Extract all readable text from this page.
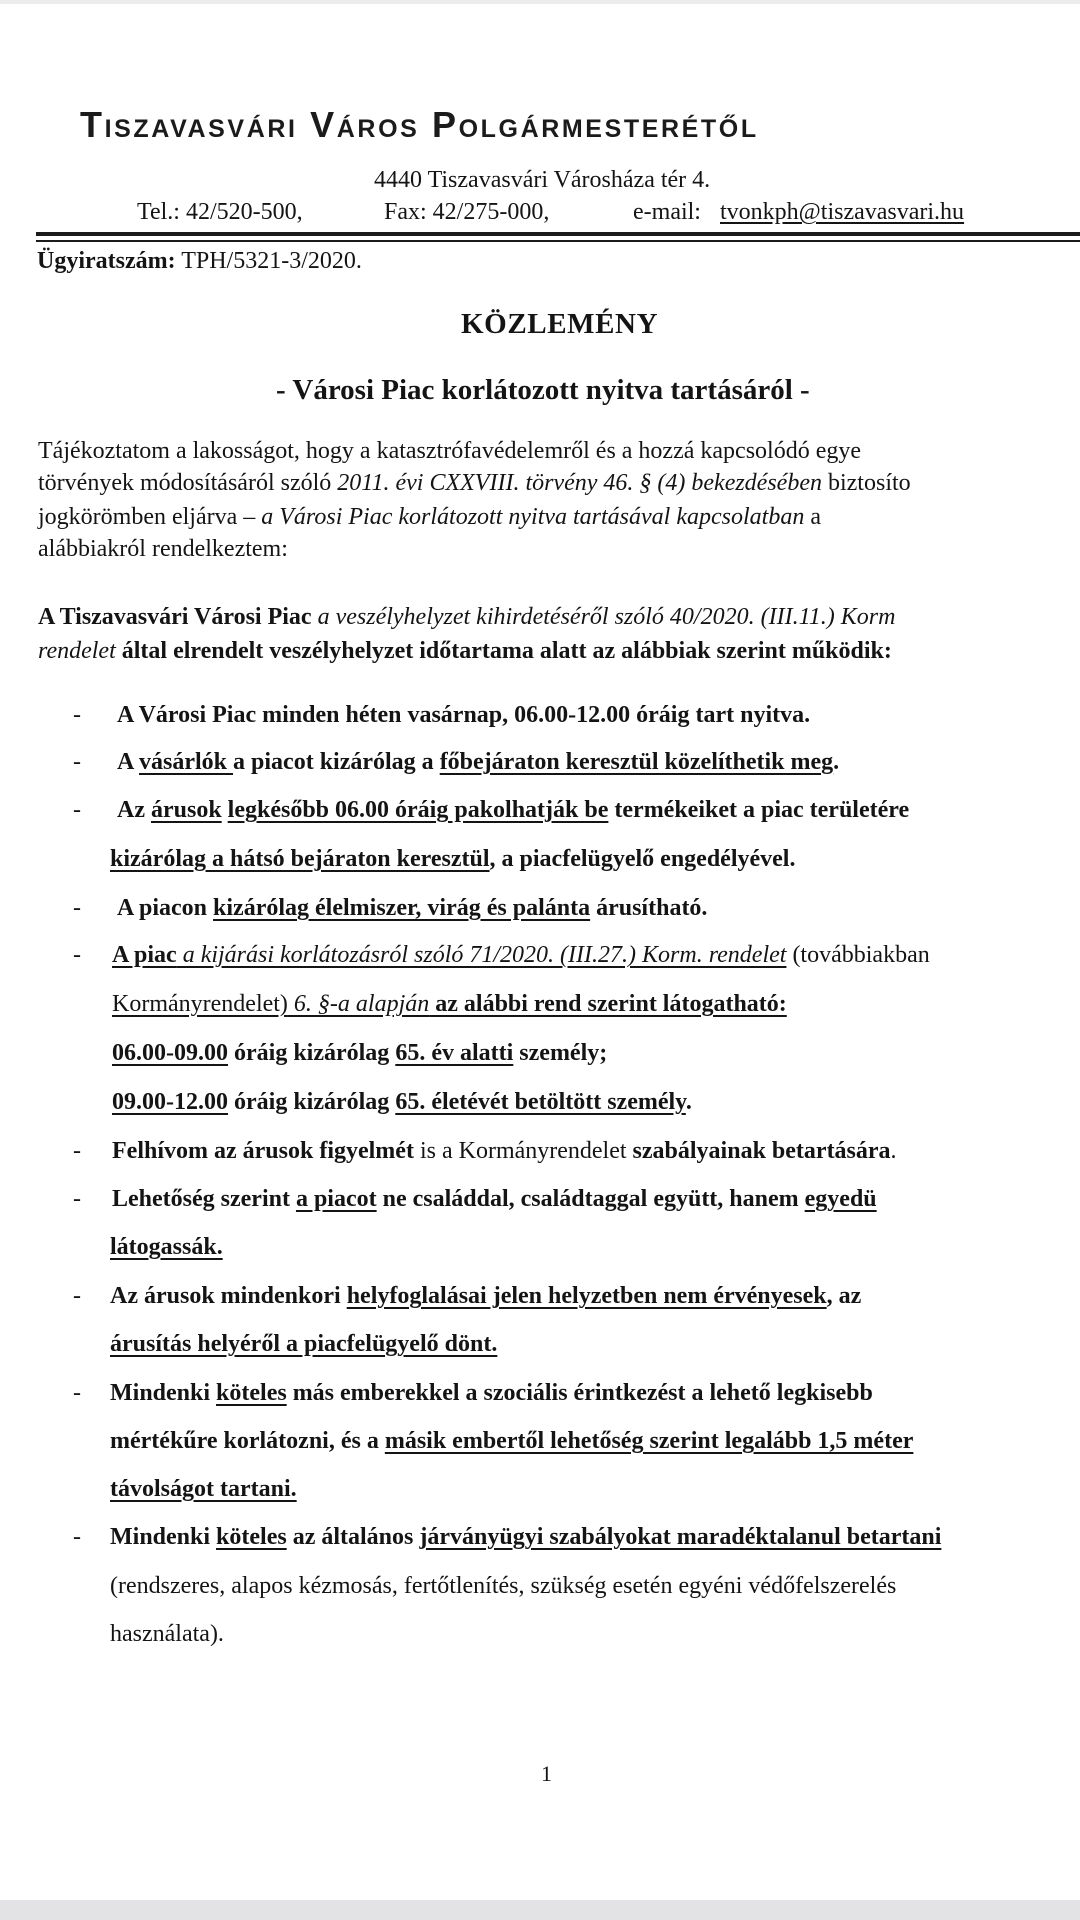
Tiszavasvári Város Polgármesterétől
4440 Tiszavasvári Városháza tér 4.
Tel.: 42/520-500,	Fax: 42/275-000,	e-mail: tvonkph@tiszavasvari.hu
Ügyiratszám: TPH/5321-3/2020.
KÖZLEMÉNY
- Városi Piac korlátozott nyitva tartásáról -
Tájékoztatom a lakosságot, hogy a katasztrófavédelemről és a hozzá kapcsolódó egye
törvények módosításáról szóló 2011. évi CXXVIII. törvény 46. § (4) bekezdésében biztosíto
jogkörömben eljárva – a Városi Piac korlátozott nyitva tartásával kapcsolatban a
alábbiakról rendelkeztem:
A Tiszavasvári Városi Piac a veszélyhelyzet kihirdetéséről szóló 40/2020. (III.11.) Korm
rendelet által elrendelt veszélyhelyzet időtartama alatt az alábbiak szerint működik:
- A Városi Piac minden héten vasárnap, 06.00-12.00 óráig tart nyitva.
- A vásárlók a piacot kizárólag a főbejáraton keresztül közelíthetik meg.
- Az árusok legkésőbb 06.00 óráig pakolhatják be termékeiket a piac területére
kizárólag a hátsó bejáraton keresztül, a piacfelügyelő engedélyével.
- A piacon kizárólag élelmiszer, virág és palánta árusítható.
- A piac a kijárási korlátozásról szóló 71/2020. (III.27.) Korm. rendelet (továbbiakban
Kormányrendelet) 6. §-a alapján az alábbi rend szerint látogatható:
06.00-09.00 óráig kizárólag 65. év alatti személy;
09.00-12.00 óráig kizárólag 65. életévét betöltött személy.
- Felhívom az árusok figyelmét is a Kormányrendelet szabályainak betartására.
- Lehetőség szerint a piacot ne családdal, családtaggal együtt, hanem egyedü
látogassák.
- Az árusok mindenkori helyfoglalásai jelen helyzetben nem érvényesek, az
árusítás helyéről a piacfelügyelő dönt.
- Mindenki köteles más emberekkel a szociális érintkezést a lehető legkisebb
mértékűre korlátozni, és a másik embertől lehetőség szerint legalább 1,5 méter
távolságot tartani.
- Mindenki köteles az általános járványügyi szabályokat maradéktalanul betartani
(rendszeres, alapos kézmosás, fertőtlenítés, szükség esetén egyéni védőfelszerelés
használata).
1
